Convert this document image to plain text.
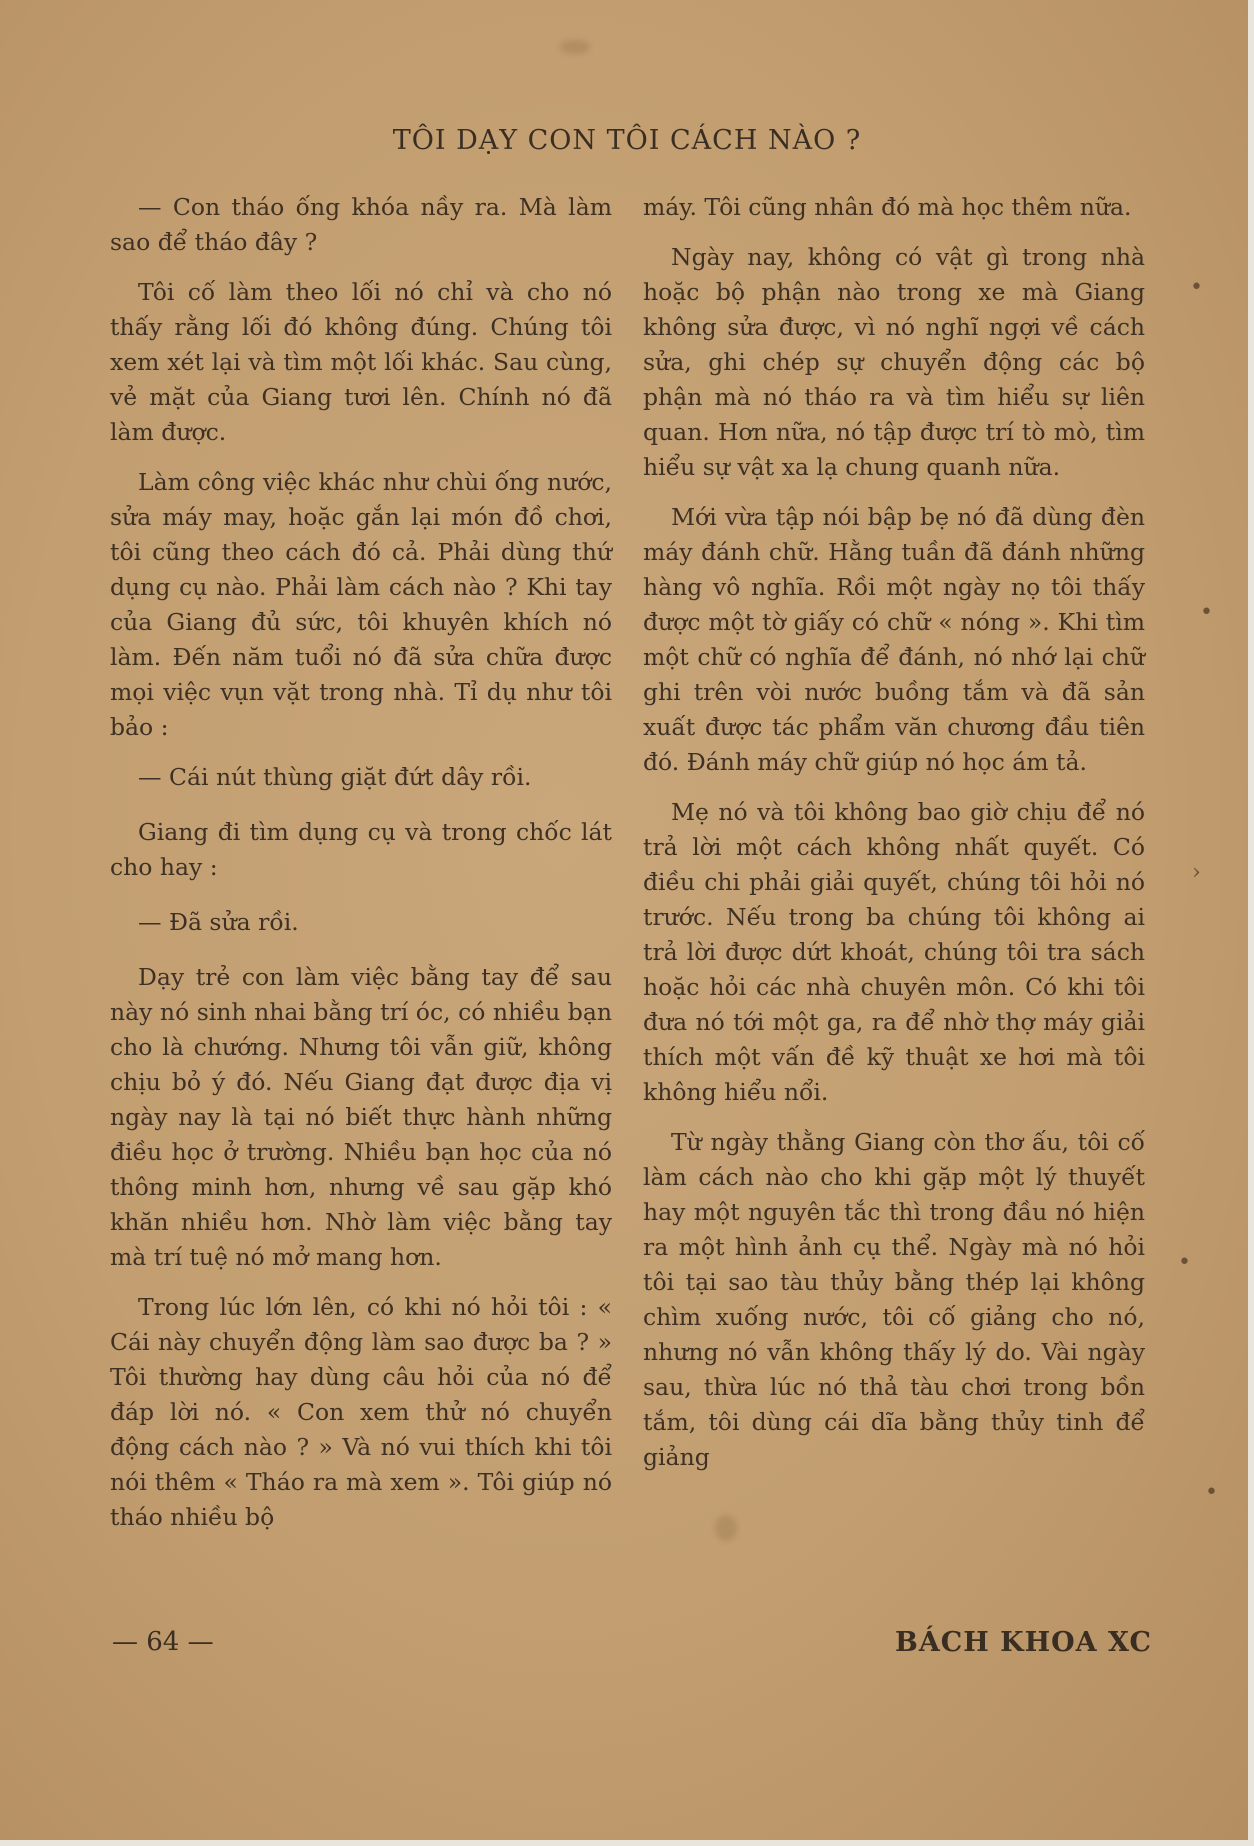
•
•
›
•
•
TÔI DẠY CON TÔI CÁCH NÀO ?

— Con tháo ống khóa nầy ra. Mà làm sao để tháo đây ?

Tôi cố làm theo lối nó chỉ và cho nó thấy rằng lối đó không đúng. Chúng tôi xem xét lại và tìm một lối khác. Sau cùng, vẻ mặt của Giang tươi lên. Chính nó đã làm được.

Làm công việc khác như chùi ống nước, sửa máy may, hoặc gắn lại món đồ chơi, tôi cũng theo cách đó cả. Phải dùng thứ dụng cụ nào. Phải làm cách nào ? Khi tay của Giang đủ sức, tôi khuyên khích nó làm. Đến năm tuổi nó đã sửa chữa được mọi việc vụn vặt trong nhà. Tỉ dụ như tôi bảo :

— Cái nút thùng giặt đứt dây rồi.

Giang đi tìm dụng cụ và trong chốc lát cho hay :

— Đã sửa rồi.

Dạy trẻ con làm việc bằng tay để sau này nó sinh nhai bằng trí óc, có nhiều bạn cho là chướng. Nhưng tôi vẫn giữ, không chịu bỏ ý đó. Nếu Giang đạt được địa vị ngày nay là tại nó biết thực hành những điều học ở trường. Nhiều bạn học của nó thông minh hơn, nhưng về sau gặp khó khăn nhiều hơn. Nhờ làm việc bằng tay mà trí tuệ nó mở mang hơn.

Trong lúc lớn lên, có khi nó hỏi tôi : « Cái này chuyển động làm sao được ba ? » Tôi thường hay dùng câu hỏi của nó để đáp lời nó. « Con xem thử nó chuyển động cách nào ? » Và nó vui thích khi tôi nói thêm « Tháo ra mà xem ». Tôi giúp nó tháo nhiều bộ

máy. Tôi cũng nhân đó mà học thêm nữa.

Ngày nay, không có vật gì trong nhà hoặc bộ phận nào trong xe mà Giang không sửa được, vì nó nghĩ ngợi về cách sửa, ghi chép sự chuyển động các bộ phận mà nó tháo ra và tìm hiểu sự liên quan. Hơn nữa, nó tập được trí tò mò, tìm hiểu sự vật xa lạ chung quanh nữa.

Mới vừa tập nói bập bẹ nó đã dùng đèn máy đánh chữ. Hằng tuần đã đánh những hàng vô nghĩa. Rồi một ngày nọ tôi thấy được một tờ giấy có chữ « nóng ». Khi tìm một chữ có nghĩa để đánh, nó nhớ lại chữ ghi trên vòi nước buồng tắm và đã sản xuất được tác phẩm văn chương đầu tiên đó. Đánh máy chữ giúp nó học ám tả.

Mẹ nó và tôi không bao giờ chịu để nó trả lời một cách không nhất quyết. Có điều chi phải giải quyết, chúng tôi hỏi nó trước. Nếu trong ba chúng tôi không ai trả lời được dứt khoát, chúng tôi tra sách hoặc hỏi các nhà chuyên môn. Có khi tôi đưa nó tới một ga, ra để nhờ thợ máy giải thích một vấn đề kỹ thuật xe hơi mà tôi không hiểu nổi.

Từ ngày thằng Giang còn thơ ấu, tôi cố làm cách nào cho khi gặp một lý thuyết hay một nguyên tắc thì trong đầu nó hiện ra một hình ảnh cụ thể. Ngày mà nó hỏi tôi tại sao tàu thủy bằng thép lại không chìm xuống nước, tôi cố giảng cho nó, nhưng nó vẫn không thấy lý do. Vài ngày sau, thừa lúc nó thả tàu chơi trong bồn tắm, tôi dùng cái dĩa bằng thủy tinh để giảng

— 64 —	BÁCH KHOA XC
